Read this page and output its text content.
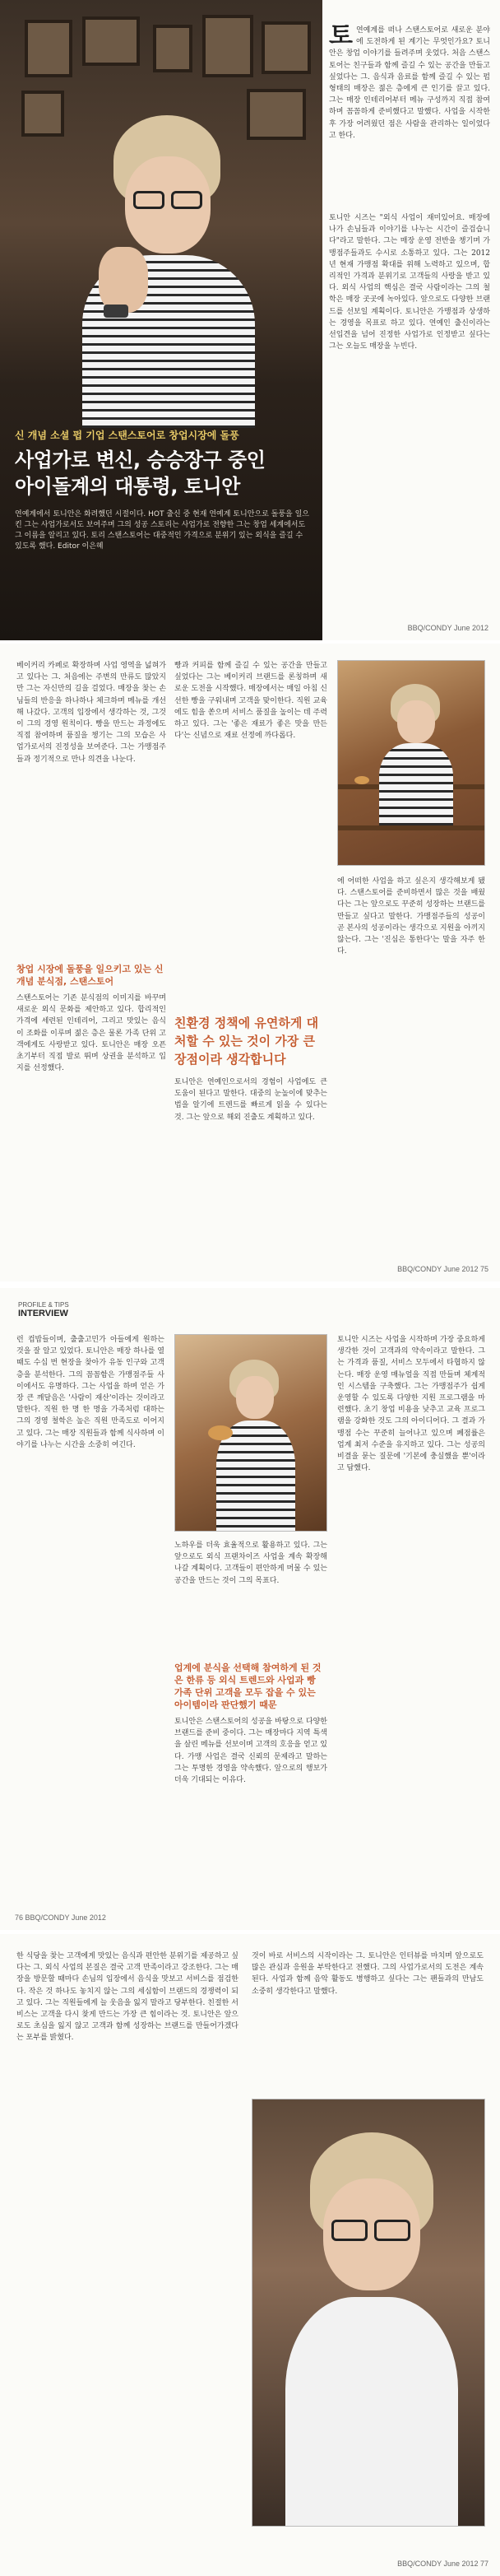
신 개념 소셜 펍 기업 스탠스토어로 창업시장에 돌풍
사업가로 변신, 승승장구 중인
아이돌계의 대통령, 토니안
연예계에서 토니안은 화려했던 시절이다. HOT 출신 중 현재 연예계 토니안으로 돌풍을 일으킨 그는 사업가로서도 보여주며 그의 성공 스토리는 사업가로 전향한 그는 창업 세계에서도 그 이름을 알리고 있다. 토리 스탠스토어는 대중적인 가격으로 분위기 있는 외식을 즐길 수 있도록 했다. Editor 이은혜
토연예계를 떠나 스탠스토어로 새로운 분야에 도전하게 된 계기는 무엇인가요? 토니안은 창업 이야기를 들려주며 웃었다. 처음 스탠스토어는 친구들과 함께 즐길 수 있는 공간을 만들고 싶었다는 그. 음식과 음료를 함께 즐길 수 있는 펍 형태의 매장은 젊은 층에게 큰 인기를 끌고 있다. 그는 매장 인테리어부터 메뉴 구성까지 직접 참여하며 꼼꼼하게 준비했다고 말했다. 사업을 시작한 후 가장 어려웠던 점은 사람을 관리하는 일이었다고 한다.
토니안 시즈는 "외식 사업이 재미있어요. 매장에 나가 손님들과 이야기를 나누는 시간이 즐겁습니다"라고 말한다. 그는 매장 운영 전반을 챙기며 가맹점주들과도 수시로 소통하고 있다. 그는 2012년 현재 가맹점 확대를 위해 노력하고 있으며, 합리적인 가격과 분위기로 고객들의 사랑을 받고 있다. 외식 사업의 핵심은 결국 사람이라는 그의 철학은 매장 곳곳에 녹아있다. 앞으로도 다양한 브랜드를 선보일 계획이다. 토니안은 가맹점과 상생하는 경영을 목표로 하고 있다. 연예인 출신이라는 선입견을 넘어 진정한 사업가로 인정받고 싶다는 그는 오늘도 매장을 누빈다.
BBQ/CONDY June 2012
베이커리 카페로 확장하며 사업 영역을 넓혀가고 있다는 그. 처음에는 주변의 만류도 많았지만 그는 자신만의 길을 걸었다. 매장을 찾는 손님들의 반응을 하나하나 체크하며 메뉴를 개선해 나갔다. 고객의 입장에서 생각하는 것, 그것이 그의 경영 원칙이다. 빵을 만드는 과정에도 직접 참여하며 품질을 챙기는 그의 모습은 사업가로서의 진정성을 보여준다. 그는 가맹점주들과 정기적으로 만나 의견을 나눈다.
창업 시장에 돌풍을 일으키고 있는 신 개념 분식점, 스탠스토어
스탠스토어는 기존 분식점의 이미지를 바꾸며 새로운 외식 문화를 제안하고 있다. 합리적인 가격에 세련된 인테리어, 그리고 맛있는 음식이 조화를 이루며 젊은 층은 물론 가족 단위 고객에게도 사랑받고 있다. 토니안은 매장 오픈 초기부터 직접 발로 뛰며 상권을 분석하고 입지를 선정했다.
빵과 커피를 함께 즐길 수 있는 공간을 만들고 싶었다는 그는 베이커리 브랜드를 론칭하며 새로운 도전을 시작했다. 매장에서는 매일 아침 신선한 빵을 구워내며 고객을 맞이한다. 직원 교육에도 힘을 쏟으며 서비스 품질을 높이는 데 주력하고 있다. 그는 '좋은 재료가 좋은 맛을 만든다'는 신념으로 재료 선정에 까다롭다.
친환경 정책에 유연하게 대처할 수 있는 것이 가장 큰 장점이라 생각합니다
토니안은 연예인으로서의 경험이 사업에도 큰 도움이 된다고 말한다. 대중의 눈높이에 맞추는 법을 알기에 트렌드를 빠르게 읽을 수 있다는 것. 그는 앞으로 해외 진출도 계획하고 있다.
에 어떠한 사업을 하고 싶은지 생각해보게 됐다. 스탠스토어를 준비하면서 많은 것을 배웠다는 그는 앞으로도 꾸준히 성장하는 브랜드를 만들고 싶다고 말한다. 가맹점주들의 성공이 곧 본사의 성공이라는 생각으로 지원을 아끼지 않는다. 그는 '진심은 통한다'는 말을 자주 한다.
BBQ/CONDY June 2012 75
PROFILE & TIPS
INTERVIEW
런 컵밥들이며, 출출고민가 아들에게 원하는 것을 잘 알고 있었다. 토니안은 매장 하나를 열 때도 수십 번 현장을 찾아가 유동 인구와 고객층을 분석한다. 그의 꼼꼼함은 가맹점주들 사이에서도 유명하다. 그는 사업을 하며 얻은 가장 큰 깨달음은 '사람이 재산'이라는 것이라고 말한다. 직원 한 명 한 명을 가족처럼 대하는 그의 경영 철학은 높은 직원 만족도로 이어지고 있다. 그는 매장 직원들과 함께 식사하며 이야기를 나누는 시간을 소중히 여긴다.
노하우를 더욱 효율적으로 활용하고 있다. 그는 앞으로도 외식 프랜차이즈 사업을 계속 확장해 나갈 계획이다. 고객들이 편안하게 머물 수 있는 공간을 만드는 것이 그의 목표다.
업계에 분식을 선택해 참여하게 된 것은 한류 등 외식 트렌드와 사업과 빵 가족 단위 고객을 모두 잡을 수 있는 아이템이라 판단했기 때문
토니안은 스탠스토어의 성공을 바탕으로 다양한 브랜드를 준비 중이다. 그는 매장마다 지역 특색을 살린 메뉴를 선보이며 고객의 호응을 얻고 있다. 가맹 사업은 결국 신뢰의 문제라고 말하는 그는 투명한 경영을 약속했다. 앞으로의 행보가 더욱 기대되는 이유다.
토니안 시즈는 사업을 시작하며 가장 중요하게 생각한 것이 고객과의 약속이라고 말한다. 그는 가격과 품질, 서비스 모두에서 타협하지 않는다. 매장 운영 매뉴얼을 직접 만들며 체계적인 시스템을 구축했다. 그는 가맹점주가 쉽게 운영할 수 있도록 다양한 지원 프로그램을 마련했다. 초기 창업 비용을 낮추고 교육 프로그램을 강화한 것도 그의 아이디어다. 그 결과 가맹점 수는 꾸준히 늘어나고 있으며 폐점률은 업계 최저 수준을 유지하고 있다. 그는 성공의 비결을 묻는 질문에 '기본에 충실했을 뿐'이라고 답했다.
76 BBQ/CONDY June 2012
한 식당을 찾는 고객에게 맛있는 음식과 편안한 분위기를 제공하고 싶다는 그. 외식 사업의 본질은 결국 고객 만족이라고 강조한다. 그는 매장을 방문할 때마다 손님의 입장에서 음식을 맛보고 서비스를 점검한다. 작은 것 하나도 놓치지 않는 그의 세심함이 브랜드의 경쟁력이 되고 있다. 그는 직원들에게 늘 웃음을 잃지 말라고 당부한다. 친절한 서비스는 고객을 다시 찾게 만드는 가장 큰 힘이라는 것. 토니안은 앞으로도 초심을 잃지 않고 고객과 함께 성장하는 브랜드를 만들어가겠다는 포부를 밝혔다.
것이 바로 서비스의 시작이라는 그. 토니안은 인터뷰를 마치며 앞으로도 많은 관심과 응원을 부탁한다고 전했다. 그의 사업가로서의 도전은 계속된다. 사업과 함께 음악 활동도 병행하고 싶다는 그는 팬들과의 만남도 소중히 생각한다고 말했다.
BBQ/CONDY June 2012 77
